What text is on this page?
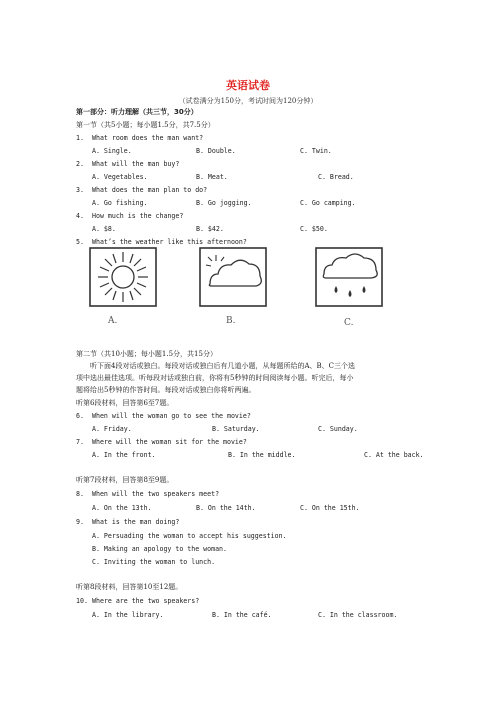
英语试卷
（试卷满分为150分，考试时间为120分钟）
第一部分：听力理解（共三节，30分）
第一节（共5小题；每小题1.5分，共7.5分）
1. What room does the man want?
A. Single.	B. Double.	C. Twin.
2. What will the man buy?
A. Vegetables.	B. Meat.	C. Bread.
3. What does the man plan to do?
A. Go fishing.	B. Go jogging.	C. Go camping.
4. How much is the change?
A. $8.	B. $42.	C. $50.
5. What’s the weather like this afternoon?
A.	B.	C.
第二节（共10小题；每小题1.5分，共15分）
听下面4段对话或独白。每段对话或独白后有几道小题，从每题所给的A、B、C三个选
项中选出最佳选项。听每段对话或独白前，你将有5秒钟的时间阅读每小题。听完后，每小
题将给出5秒钟的作答时间。每段对话或独白你将听两遍。
听第6段材料，回答第6至7题。
6. When will the woman go to see the movie?
A. Friday.	B. Saturday.	C. Sunday.
7. Where will the woman sit for the movie?
A. In the front.	B. In the middle.	C. At the back.
听第7段材料，回答第8至9题。
8. When will the two speakers meet?
A. On the 13th.	B. On the 14th.	C. On the 15th.
9. What is the man doing?
A. Persuading the woman to accept his suggestion.
B. Making an apology to the woman.
C. Inviting the woman to lunch.
听第8段材料，回答第10至12题。
10. Where are the two speakers?
A. In the library.	B. In the café.	C. In the classroom.
